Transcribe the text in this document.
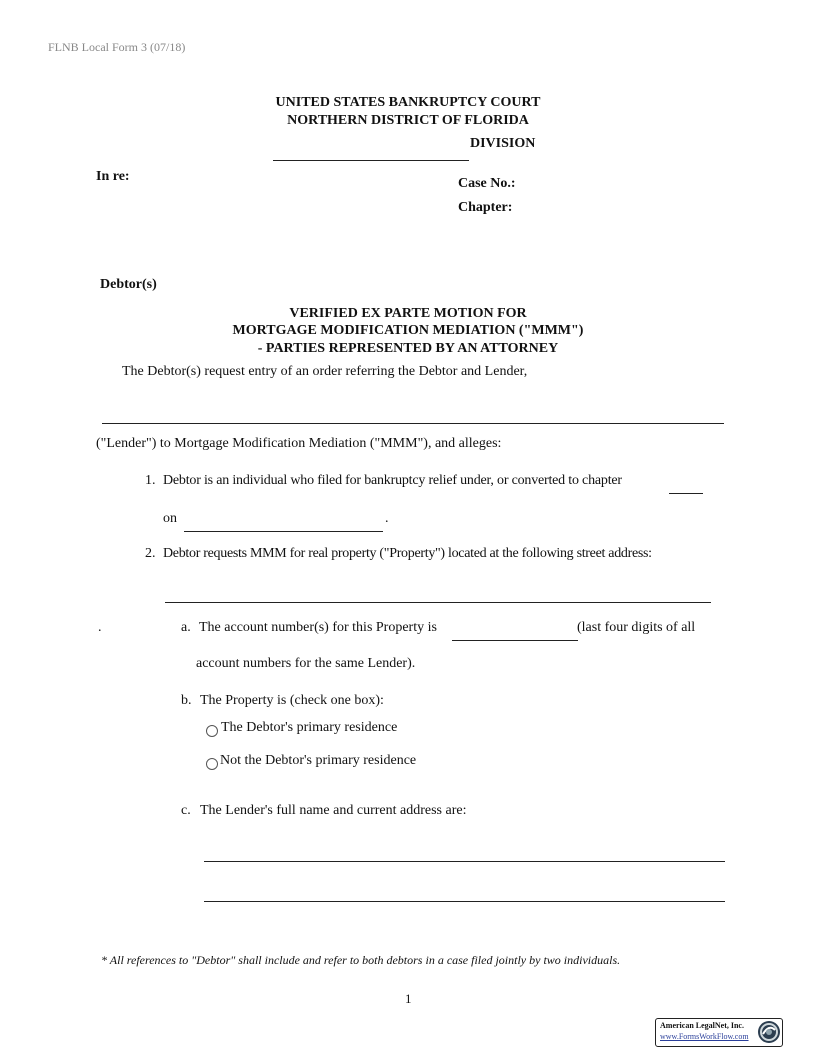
FLNB Local Form 3 (07/18)
UNITED STATES BANKRUPTCY COURT
NORTHERN DISTRICT OF FLORIDA
DIVISION
In re:	Case No.:
Chapter:
Debtor(s)
VERIFIED EX PARTE MOTION FOR
MORTGAGE MODIFICATION MEDIATION ("MMM")
- PARTIES REPRESENTED BY AN ATTORNEY
The Debtor(s) request entry of an order referring the Debtor and Lender,
("Lender") to Mortgage Modification Mediation ("MMM"), and alleges:
1. Debtor is an individual who filed for bankruptcy relief under, or converted to chapter
on	.
2. Debtor requests MMM for real property ("Property") located at the following street address:
.	a. The account number(s) for this Property is	(last four digits of all
account numbers for the same Lender).
b. The Property is (check one box):
The Debtor's primary residence
Not the Debtor's primary residence
c. The Lender's full name and current address are:
* All references to "Debtor" shall include and refer to both debtors in a case filed jointly by two individuals.
1
American LegalNet, Inc.
www.FormsWorkFlow.com
